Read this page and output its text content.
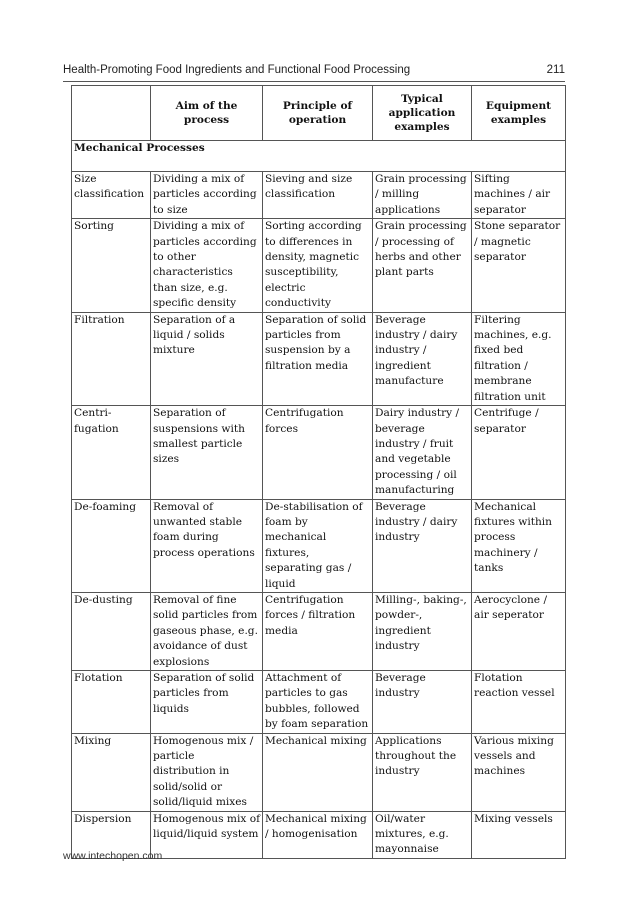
Health-Promoting Food Ingredients and Functional Food Processing	211
	Aim of the process	Principle of operation	Typical application examples	Equipment examples
Mechanical Processes				
Size classification	Dividing a mix of particles according to size	Sieving and size classification	Grain processing / milling applications	Sifting machines / air separator
Sorting	Dividing a mix of particles according to other characteristics than size, e.g. specific density	Sorting according to differences in density, magnetic susceptibility, electric conductivity	Grain processing / processing of herbs and other plant parts	Stone separator / magnetic separator
Filtration	Separation of a liquid / solids mixture	Separation of solid particles from suspension by a filtration media	Beverage industry / dairy industry / ingredient manufacture	Filtering machines, e.g. fixed bed filtration / membrane filtration unit
Centri-fugation	Separation of suspensions with smallest particle sizes	Centrifugation forces	Dairy industry / beverage industry / fruit and vegetable processing / oil manufacturing	Centrifuge / separator
De-foaming	Removal of unwanted stable foam during process operations	De-stabilisation of foam by mechanical fixtures, separating gas / liquid	Beverage industry / dairy industry	Mechanical fixtures within process machinery / tanks
De-dusting	Removal of fine solid particles from gaseous phase, e.g. avoidance of dust explosions	Centrifugation forces / filtration media	Milling-, baking-, powder-, ingredient industry	Aerocyclone / air seperator
Flotation	Separation of solid particles from liquids	Attachment of particles to gas bubbles, followed by foam separation	Beverage industry	Flotation reaction vessel
Mixing	Homogenous mix / particle distribution in solid/solid or solid/liquid mixes	Mechanical mixing	Applications throughout the industry	Various mixing vessels and machines
Dispersion	Homogenous mix of liquid/liquid system	Mechanical mixing / homogenisation	Oil/water mixtures, e.g. mayonnaise	Mixing vessels
www.intechopen.com
